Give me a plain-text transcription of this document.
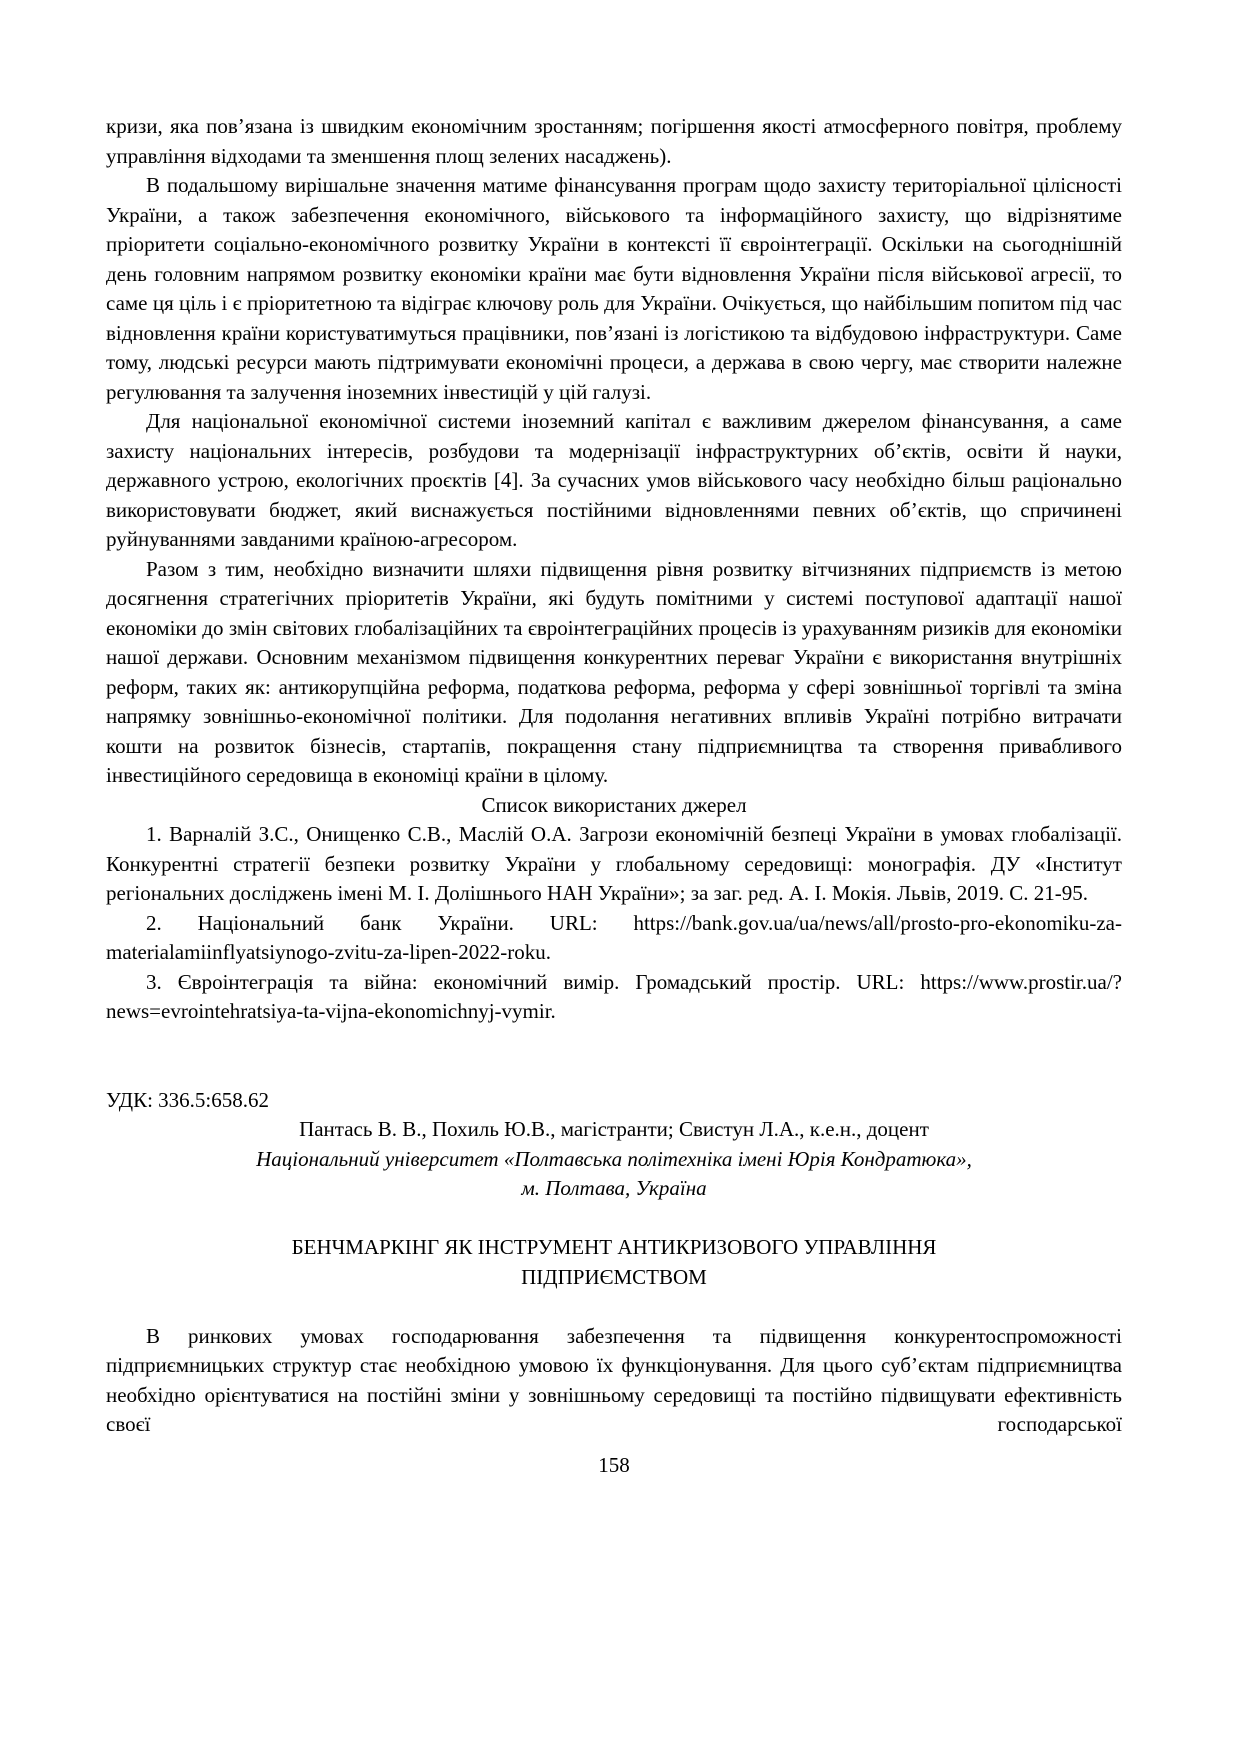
кризи, яка пов’язана із швидким економічним зростанням; погіршення якості атмосферного повітря, проблему управління відходами та зменшення площ зелених насаджень).

В подальшому вирішальне значення матиме фінансування програм щодо захисту територіальної цілісності України, а також забезпечення економічного, військового та інформаційного захисту, що відрізнятиме пріоритети соціально-економічного розвитку України в контексті її євроінтеграції. Оскільки на сьогоднішній день головним напрямом розвитку економіки країни має бути відновлення України після військової агресії, то саме ця ціль і є пріоритетною та відіграє ключову роль для України. Очікується, що найбільшим попитом під час відновлення країни користуватимуться працівники, пов’язані із логістикою та відбудовою інфраструктури. Саме тому, людські ресурси мають підтримувати економічні процеси, а держава в свою чергу, має створити належне регулювання та залучення іноземних інвестицій у цій галузі.

Для національної економічної системи іноземний капітал є важливим джерелом фінансування, а саме захисту національних інтересів, розбудови та модернізації інфраструктурних об’єктів, освіти й науки, державного устрою, екологічних проєктів [4]. За сучасних умов військового часу необхідно більш раціонально використовувати бюджет, який виснажується постійними відновленнями певних об’єктів, що спричинені руйнуваннями завданими країною-агресором.

Разом з тим, необхідно визначити шляхи підвищення рівня розвитку вітчизняних підприємств із метою досягнення стратегічних пріоритетів України, які будуть помітними у системі поступової адаптації нашої економіки до змін світових глобалізаційних та євроінтеграційних процесів із урахуванням ризиків для економіки нашої держави. Основним механізмом підвищення конкурентних переваг України є використання внутрішніх реформ, таких як: антикорупційна реформа, податкова реформа, реформа у сфері зовнішньої торгівлі та зміна напрямку зовнішньо-економічної політики. Для подолання негативних впливів Україні потрібно витрачати кошти на розвиток бізнесів, стартапів, покращення стану підприємництва та створення привабливого інвестиційного середовища в економіці країни в цілому.

Список використаних джерел

1. Варналій З.С., Онищенко С.В., Маслій О.А. Загрози економічній безпеці України в умовах глобалізації. Конкурентні стратегії безпеки розвитку України у глобальному середовищі: монографія. ДУ «Інститут регіональних досліджень імені М. І. Долішнього НАН України»; за заг. ред. А. І. Мокія. Львів, 2019. С. 21-95.

2. Національний банк України. URL: https://bank.gov.ua/ua/news/all/prosto-pro-ekonomiku-za-materialamiinflyatsiynogo-zvitu-za-lipen-2022-roku.

3. Євроінтеграція та війна: економічний вимір. Громадський простір. URL: https://www.prostir.ua/?news=evrointehratsiya-ta-vijna-ekonomichnyj-vymir.

УДК: 336.5:658.62

Пантась В. В., Похиль Ю.В., магістранти; Свистун Л.А., к.е.н., доцент

Національний університет «Полтавська політехніка імені Юрія Кондратюка»,

м. Полтава, Україна

БЕНЧМАРКІНГ ЯК ІНСТРУМЕНТ АНТИКРИЗОВОГО УПРАВЛІННЯ
ПІДПРИЄМСТВОМ

В ринкових умовах господарювання забезпечення та підвищення конкурентоспроможності підприємницьких структур стає необхідною умовою їх функціонування. Для цього суб’єктам підприємництва необхідно орієнтуватися на постійні зміни у зовнішньому середовищі та постійно підвищувати ефективність своєї господарської

158
